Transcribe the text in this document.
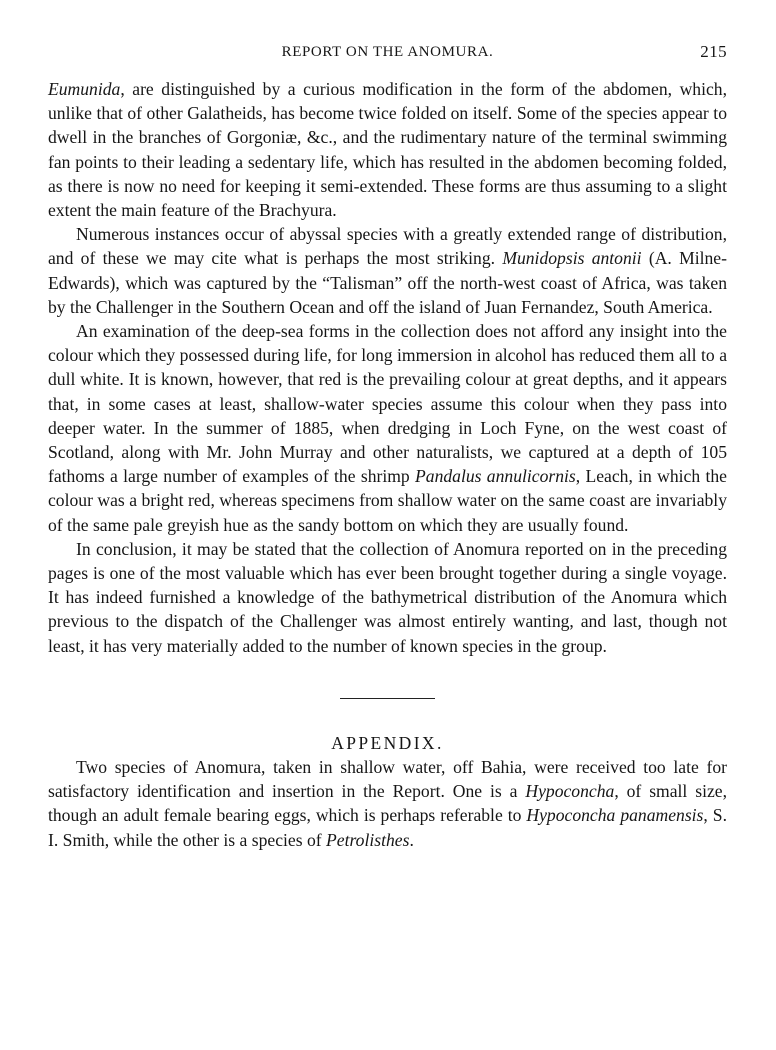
REPORT ON THE ANOMURA.	215

Eumunida, are distinguished by a curious modification in the form of the abdomen, which, unlike that of other Galatheids, has become twice folded on itself. Some of the species appear to dwell in the branches of Gorgoniæ, &c., and the rudimentary nature of the terminal swimming fan points to their leading a sedentary life, which has resulted in the abdomen becoming folded, as there is now no need for keeping it semi-extended. These forms are thus assuming to a slight extent the main feature of the Brachyura.

Numerous instances occur of abyssal species with a greatly extended range of distribution, and of these we may cite what is perhaps the most striking. Munidopsis antonii (A. Milne-Edwards), which was captured by the “Talisman” off the north-west coast of Africa, was taken by the Challenger in the Southern Ocean and off the island of Juan Fernandez, South America.

An examination of the deep-sea forms in the collection does not afford any insight into the colour which they possessed during life, for long immersion in alcohol has reduced them all to a dull white. It is known, however, that red is the prevailing colour at great depths, and it appears that, in some cases at least, shallow-water species assume this colour when they pass into deeper water. In the summer of 1885, when dredging in Loch Fyne, on the west coast of Scotland, along with Mr. John Murray and other naturalists, we captured at a depth of 105 fathoms a large number of examples of the shrimp Pandalus annulicornis, Leach, in which the colour was a bright red, whereas specimens from shallow water on the same coast are invariably of the same pale greyish hue as the sandy bottom on which they are usually found.

In conclusion, it may be stated that the collection of Anomura reported on in the preceding pages is one of the most valuable which has ever been brought together during a single voyage. It has indeed furnished a knowledge of the bathymetrical distribution of the Anomura which previous to the dispatch of the Challenger was almost entirely wanting, and last, though not least, it has very materially added to the number of known species in the group.

APPENDIX.

Two species of Anomura, taken in shallow water, off Bahia, were received too late for satisfactory identification and insertion in the Report. One is a Hypoconcha, of small size, though an adult female bearing eggs, which is perhaps referable to Hypoconcha panamensis, S. I. Smith, while the other is a species of Petrolisthes.
